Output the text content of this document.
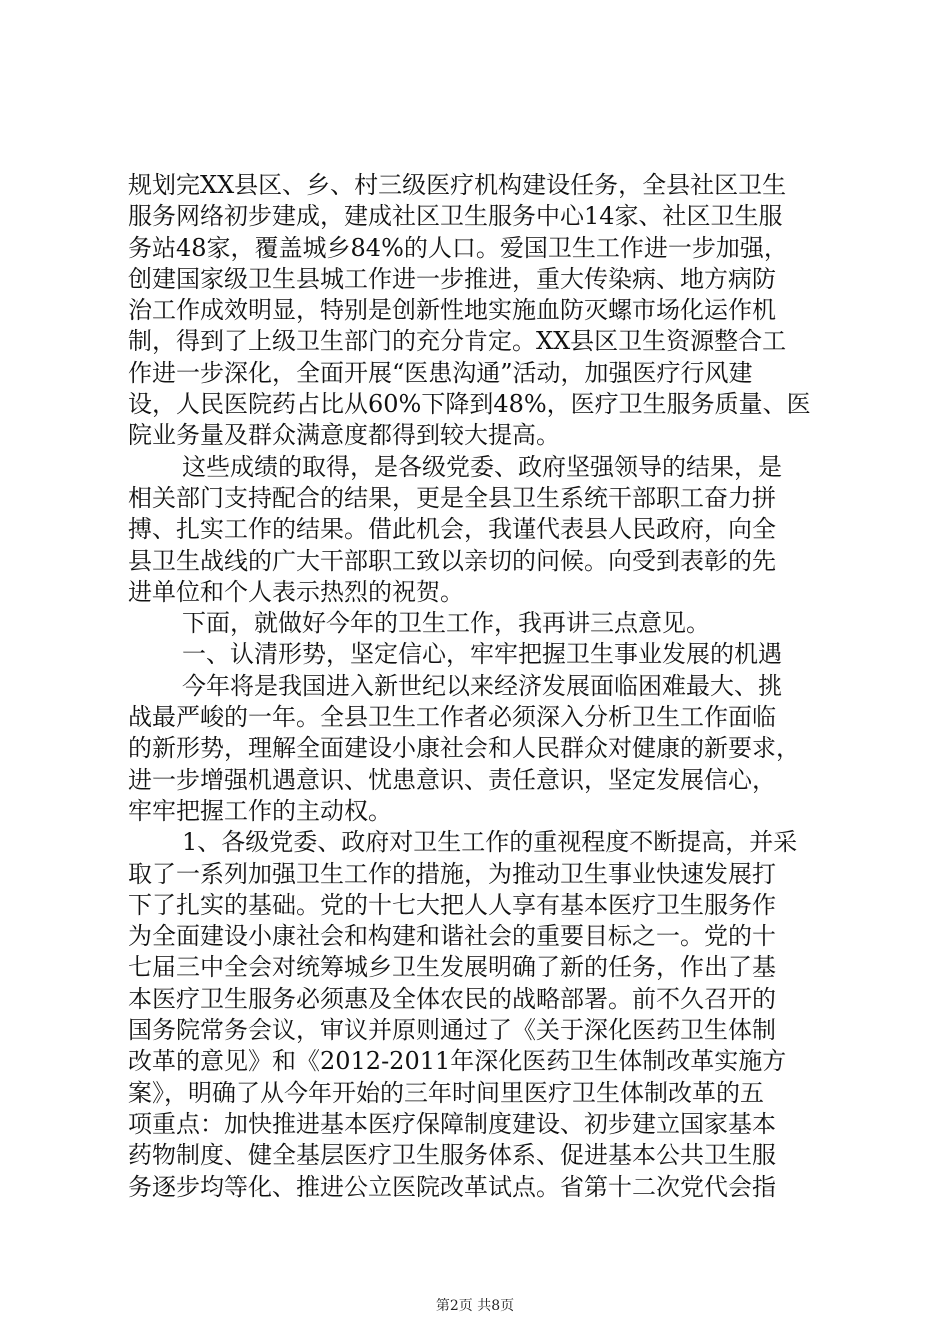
规划完XX县区、乡、村三级医疗机构建设任务，全县社区卫生
服务网络初步建成，建成社区卫生服务中心14家、社区卫生服
务站48家，覆盖城乡84%的人口。爱国卫生工作进一步加强，
创建国家级卫生县城工作进一步推进，重大传染病、地方病防
治工作成效明显，特别是创新性地实施血防灭螺市场化运作机
制，得到了上级卫生部门的充分肯定。XX县区卫生资源整合工
作进一步深化，全面开展“医患沟通”活动，加强医疗行风建
设，人民医院药占比从60%下降到48%，医疗卫生服务质量、医
院业务量及群众满意度都得到较大提高。
这些成绩的取得，是各级党委、政府坚强领导的结果，是
相关部门支持配合的结果，更是全县卫生系统干部职工奋力拼
搏、扎实工作的结果。借此机会，我谨代表县人民政府，向全
县卫生战线的广大干部职工致以亲切的问候。向受到表彰的先
进单位和个人表示热烈的祝贺。
下面，就做好今年的卫生工作，我再讲三点意见。
一、认清形势，坚定信心，牢牢把握卫生事业发展的机遇
今年将是我国进入新世纪以来经济发展面临困难最大、挑
战最严峻的一年。全县卫生工作者必须深入分析卫生工作面临
的新形势，理解全面建设小康社会和人民群众对健康的新要求，
进一步增强机遇意识、忧患意识、责任意识，坚定发展信心，
牢牢把握工作的主动权。
1、各级党委、政府对卫生工作的重视程度不断提高，并采
取了一系列加强卫生工作的措施，为推动卫生事业快速发展打
下了扎实的基础。党的十七大把人人享有基本医疗卫生服务作
为全面建设小康社会和构建和谐社会的重要目标之一。党的十
七届三中全会对统筹城乡卫生发展明确了新的任务，作出了基
本医疗卫生服务必须惠及全体农民的战略部署。前不久召开的
国务院常务会议，审议并原则通过了《关于深化医药卫生体制
改革的意见》和《2012-2011年深化医药卫生体制改革实施方
案》，明确了从今年开始的三年时间里医疗卫生体制改革的五
项重点：加快推进基本医疗保障制度建设、初步建立国家基本
药物制度、健全基层医疗卫生服务体系、促进基本公共卫生服
务逐步均等化、推进公立医院改革试点。省第十二次党代会指
第2页 共8页
